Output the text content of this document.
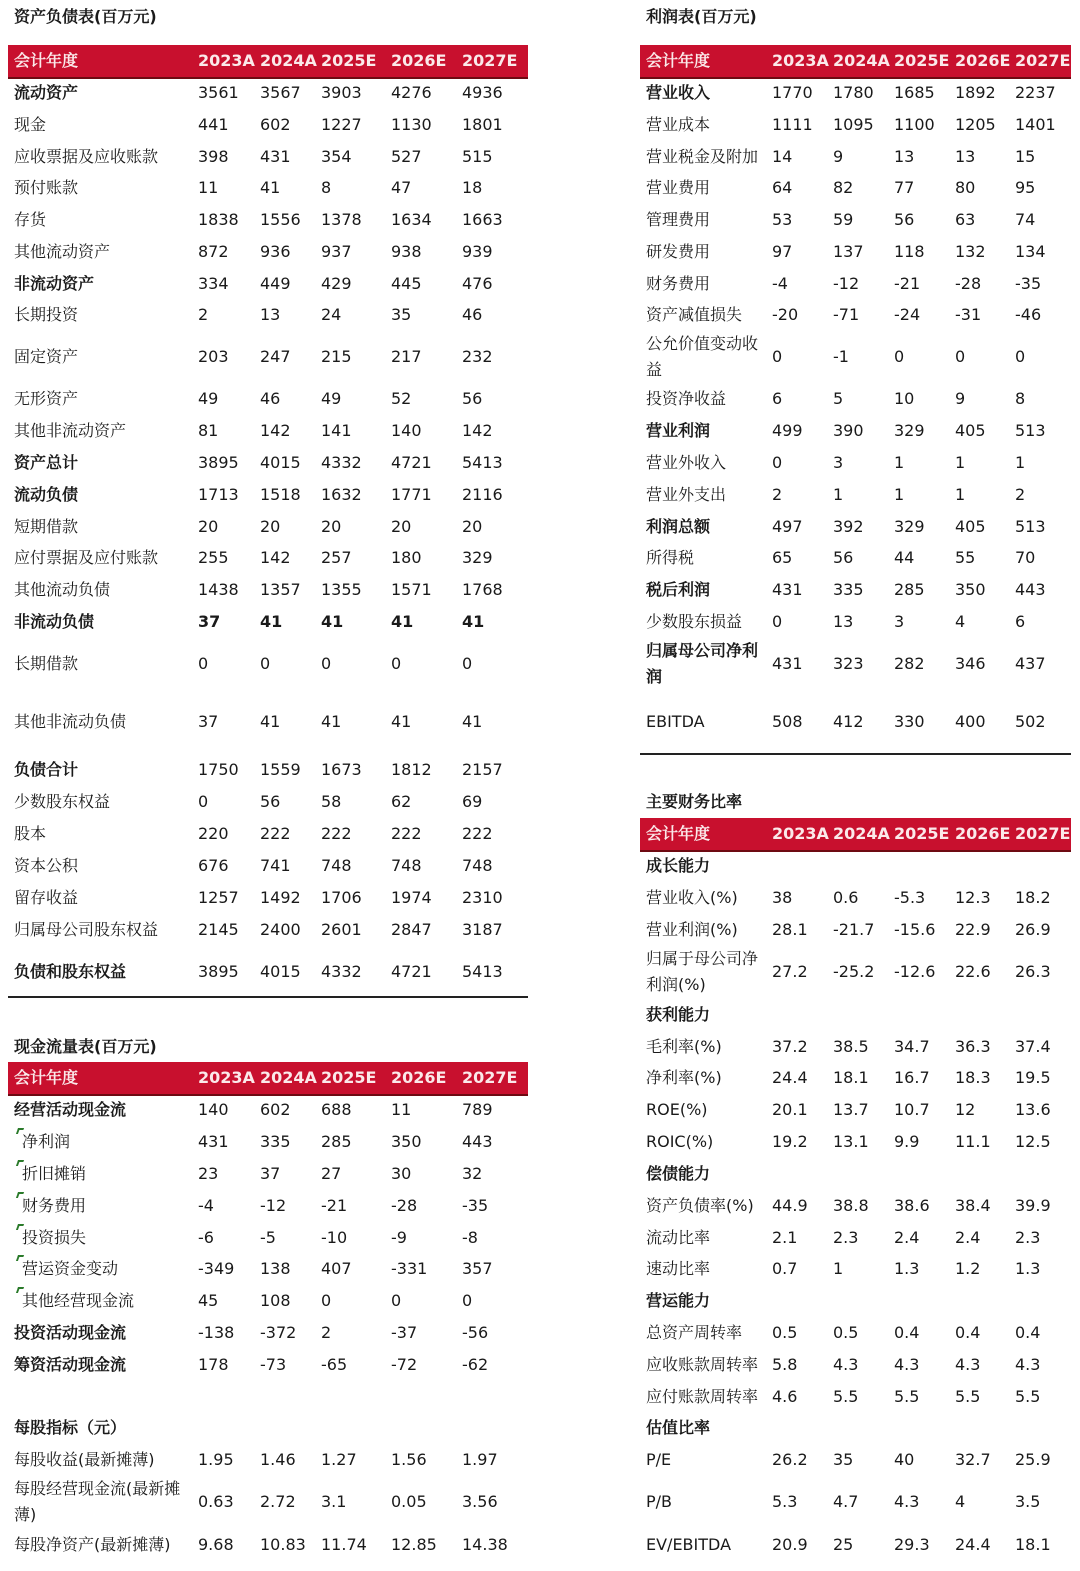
资产负债表(百万元)
会计年度	2023A 2024A 2025E 2026E 2027E
流动资产	3561 3567 3903 4276 4936
现金	441 602 1227 1130 1801
应收票据及应收账款	398 431 354 527	515
预付账款	11	41	8	47	18
存货	1838 1556 1378 1634 1663
其他流动资产	872 936 937 938	939
非流动资产	334 449 429 445	476
长期投资	2	13	24	35	46
固定资产	203 247 215 217	232
无形资产	49	46	49	52	56
其他非流动资产	81	142 141 140	142
资产总计	3895 4015 4332 4721 5413
流动负债	1713 1518 1632 1771 2116
短期借款	20	20	20	20	20
应付票据及应付账款	255 142 257 180	329
其他流动负债	1438 1357 1355 1571 1768
非流动负债	37 41 41	41	41
长期借款	0	0	0	0	0
其他非流动负债	37	41	41	41	41
负债合计	1750 1559 1673 1812 2157
少数股东权益	0	56	58	62	69
股本	220 222 222 222	222
资本公积	676 741 748 748	748
留存收益	1257 1492 1706 1974 2310
归属母公司股东权益	2145 2400 2601 2847 3187
负债和股东权益	3895 4015 4332 4721 5413
利润表(百万元)
会计年度	2023A 2024A 2025E 2026E 2027E
营业收入	1770 1780 1685 1892 2237
营业成本	1111 1095 1100 1205 1401
营业税金及附加 14	9	13	13 15
营业费用	64	82	77	80 95
管理费用	53	59	56	63 74
研发费用	97	137 118 132 134
财务费用	-4	-12 -21 -28 -35
资产减值损失	-20 -71 -24 -31 -46
公允价值变动收益
0	-1	0	0	0
投资净收益	6	5	10	9	8
营业利润	499 390 329 405 513
营业外收入	0	3	1	1	1
营业外支出	2	1	1	1	2
利润总额	497 392 329 405 513
所得税	65	56	44	55 70
税后利润	431 335 285 350 443
少数股东损益	0	13	3	4	6
归属母公司净利润
431 323 282 346 437
EBITDA	508 412 330 400 502
现金流量表(百万元)
会计年度	2023A 2024A 2025E 2026E 2027E
经营活动现金流	140 602 688 11	789
净利润	431 335 285 350	443
折旧摊销	23	37	27	30	32
财务费用	-4	-12 -21	-28	-35
投资损失	-6	-5	-10	-9	-8
营运资金变动	-349 138 407 -331 357
其他经营现金流	45	108 0	0	0
投资活动现金流	-138 -372 2	-37	-56
筹资活动现金流	178 -73 -65	-72	-62
每股指标（元）
每股收益(最新摊薄)	1.95 1.46 1.27 1.56 1.97
每股经营现金流(最新摊薄)
0.63 2.72 3.1	0.05 3.56
每股净资产(最新摊薄)	9.68 10.83 11.74 12.85 14.38
主要财务比率
会计年度	2023A 2024A 2025E 2026E 2027E
成长能力
营业收入(%)	38	0.6 -5.3 12.3 18.2
营业利润(%)	28.1 -21.7 -15.6 22.9 26.9
归属于母公司净利润(%)
27.2 -25.2 -12.6 22.6 26.3
获利能力
毛利率(%)	37.2 38.5 34.7 36.3 37.4
净利率(%)	24.4 18.1 16.7 18.3 19.5
ROE(%)	20.1 13.7 10.7 12 13.6
ROIC(%)	19.2 13.1 9.9 11.1 12.5
偿债能力
资产负债率(%)	44.9 38.8 38.6 38.4 39.9
流动比率	2.1 2.3 2.4 2.4 2.3
速动比率	0.7 1	1.3 1.2 1.3
营运能力
总资产周转率	0.5 0.5 0.4 0.4 0.4
应收账款周转率 5.8 4.3 4.3 4.3 4.3
应付账款周转率 4.6 5.5 5.5 5.5 5.5
估值比率
P/E	26.2 35	40	32.7 25.9
P/B	5.3 4.7 4.3 4	3.5
EV/EBITDA	20.9 25	29.3 24.4 18.1
